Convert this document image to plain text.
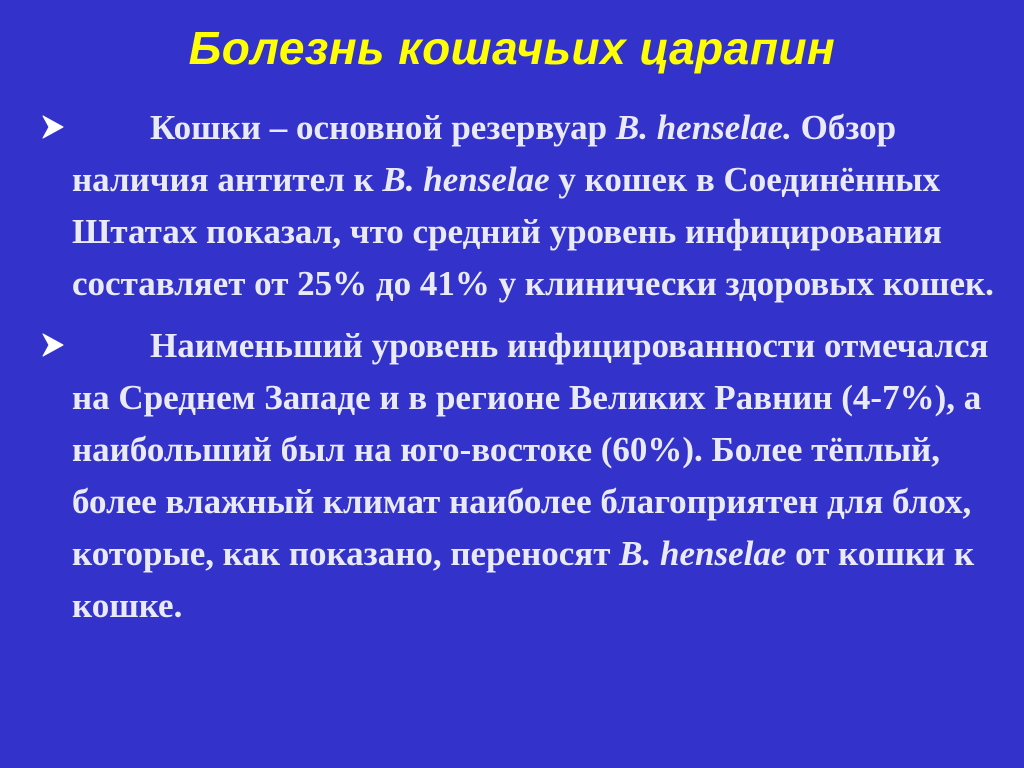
Болезнь кошачьих царапин
Кошки – основной резервуар B. henselae. Обзор наличия антител к B. henselae у кошек в Соединённых Штатах показал, что средний уровень инфицирования составляет от 25% до 41% у клинически здоровых кошек.
Наименьший уровень инфицированности отмечался на Среднем Западе и в регионе Великих Равнин (4-7%), а наибольший был на юго-востоке (60%). Более тёплый, более влажный климат наиболее благоприятен для блох, которые, как показано, переносят B. henselae от кошки к кошке.
